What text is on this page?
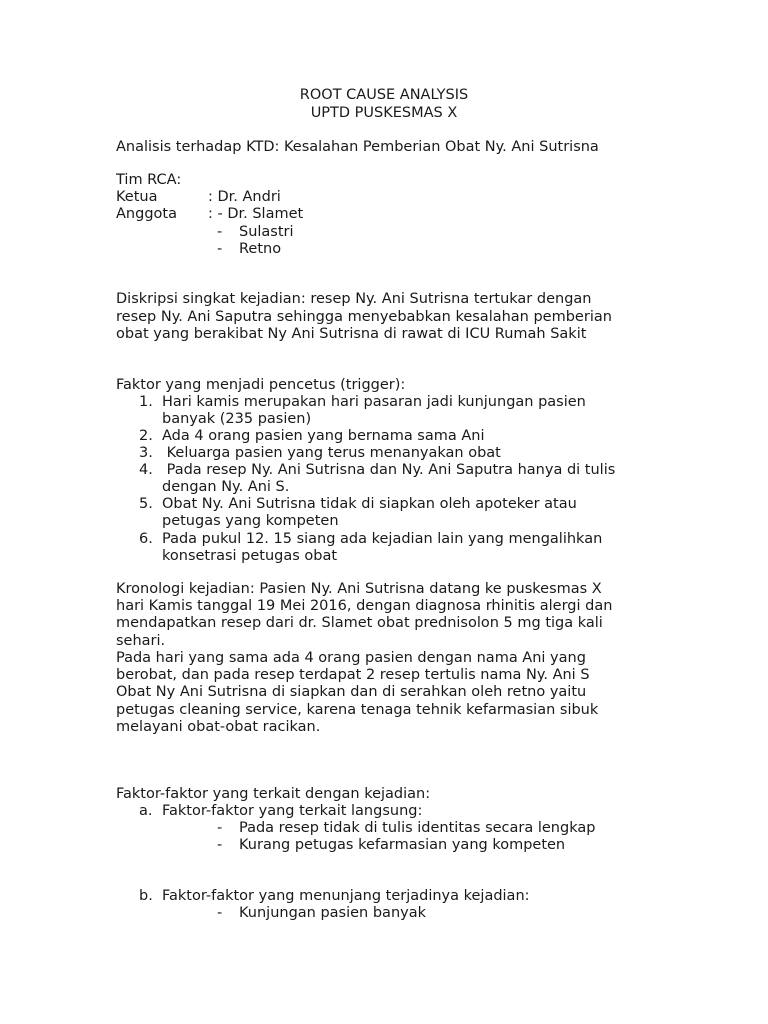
ROOT CAUSE ANALYSIS
UPTD PUSKESMAS X
Analisis terhadap KTD: Kesalahan Pemberian Obat Ny. Ani Sutrisna
Tim RCA:
Ketua	: Dr. Andri
Anggota : - Dr. Slamet
- Sulastri
- Retno
Diskripsi singkat kejadian: resep Ny. Ani Sutrisna tertukar dengan
resep Ny. Ani Saputra sehingga menyebabkan kesalahan pemberian
obat yang berakibat Ny Ani Sutrisna di rawat di ICU Rumah Sakit
Faktor yang menjadi pencetus (trigger):
1. Hari kamis merupakan hari pasaran jadi kunjungan pasien
banyak (235 pasien)
2. Ada 4 orang pasien yang bernama sama Ani
3. Keluarga pasien yang terus menanyakan obat
4. Pada resep Ny. Ani Sutrisna dan Ny. Ani Saputra hanya di tulis
dengan Ny. Ani S.
5. Obat Ny. Ani Sutrisna tidak di siapkan oleh apoteker atau
petugas yang kompeten
6. Pada pukul 12. 15 siang ada kejadian lain yang mengalihkan
konsetrasi petugas obat
Kronologi kejadian: Pasien Ny. Ani Sutrisna datang ke puskesmas X
hari Kamis tanggal 19 Mei 2016, dengan diagnosa rhinitis alergi dan
mendapatkan resep dari dr. Slamet obat prednisolon 5 mg tiga kali
sehari.
Pada hari yang sama ada 4 orang pasien dengan nama Ani yang
berobat, dan pada resep terdapat 2 resep tertulis nama Ny. Ani S
Obat Ny Ani Sutrisna di siapkan dan di serahkan oleh retno yaitu
petugas cleaning service, karena tenaga tehnik kefarmasian sibuk
melayani obat-obat racikan.
Faktor-faktor yang terkait dengan kejadian:
a. Faktor-faktor yang terkait langsung:
- Pada resep tidak di tulis identitas secara lengkap
- Kurang petugas kefarmasian yang kompeten
b. Faktor-faktor yang menunjang terjadinya kejadian:
- Kunjungan pasien banyak
